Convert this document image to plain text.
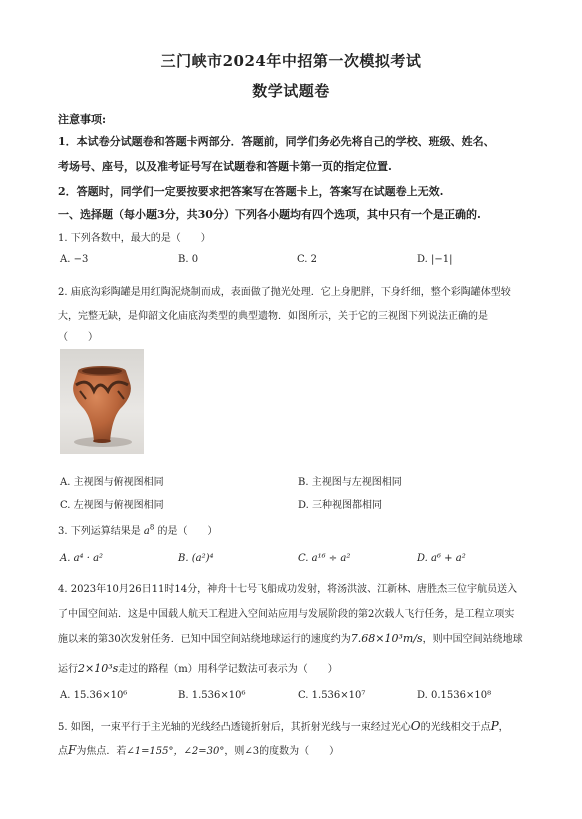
三门峡市2024年中招第一次模拟考试
数学试题卷
注意事项:
1．本试卷分试题卷和答题卡两部分．答题前，同学们务必先将自己的学校、班级、姓名、
考场号、座号，以及准考证号写在试题卷和答题卡第一页的指定位置.
2．答题时，同学们一定要按要求把答案写在答题卡上，答案写在试题卷上无效.
一、选择题（每小题3分，共30分）下列各小题均有四个选项，其中只有一个是正确的.
1. 下列各数中，最大的是（　　）
A. −3	B. 0	C. 2	D. |−1|
2. 庙底沟彩陶罐是用红陶泥烧制而成，表面做了抛光处理．它上身肥胖，下身纤细，整个彩陶罐体型较
大，完整无缺，是仰韶文化庙底沟类型的典型遗物．如图所示，关于它的三视图下列说法正确的是
（　　）
A. 主视图与俯视图相同	B. 主视图与左视图相同
C. 左视图与俯视图相同	D. 三种视图都相同
3. 下列运算结果是 $a^8$ 的是（　　）
A. a⁴ · a²	B. (a²)⁴	C. a¹⁶ ÷ a²	D. a⁶ + a²
4. 2023年10月26日11时14分，神舟十七号飞船成功发射，将汤洪波、江新林、唐胜杰三位宇航员送入
了中国空间站．这是中国载人航天工程进入空间站应用与发展阶段的第2次载人飞行任务，是工程立项实
施以来的第30次发射任务．已知中国空间站绕地球运行的速度约为7.68×10³m/s，则中国空间站绕地球
运行2×10³s走过的路程（m）用科学记数法可表示为（　　）
A. 15.36×10⁶	B. 1.536×10⁶	C. 1.536×10⁷	D. 0.1536×10⁸
5. 如图，一束平行于主光轴的光线经凸透镜折射后，其折射光线与一束经过光心O的光线相交于点P，
点F为焦点．若∠1=155°，∠2=30°，则∠3的度数为（　　）
